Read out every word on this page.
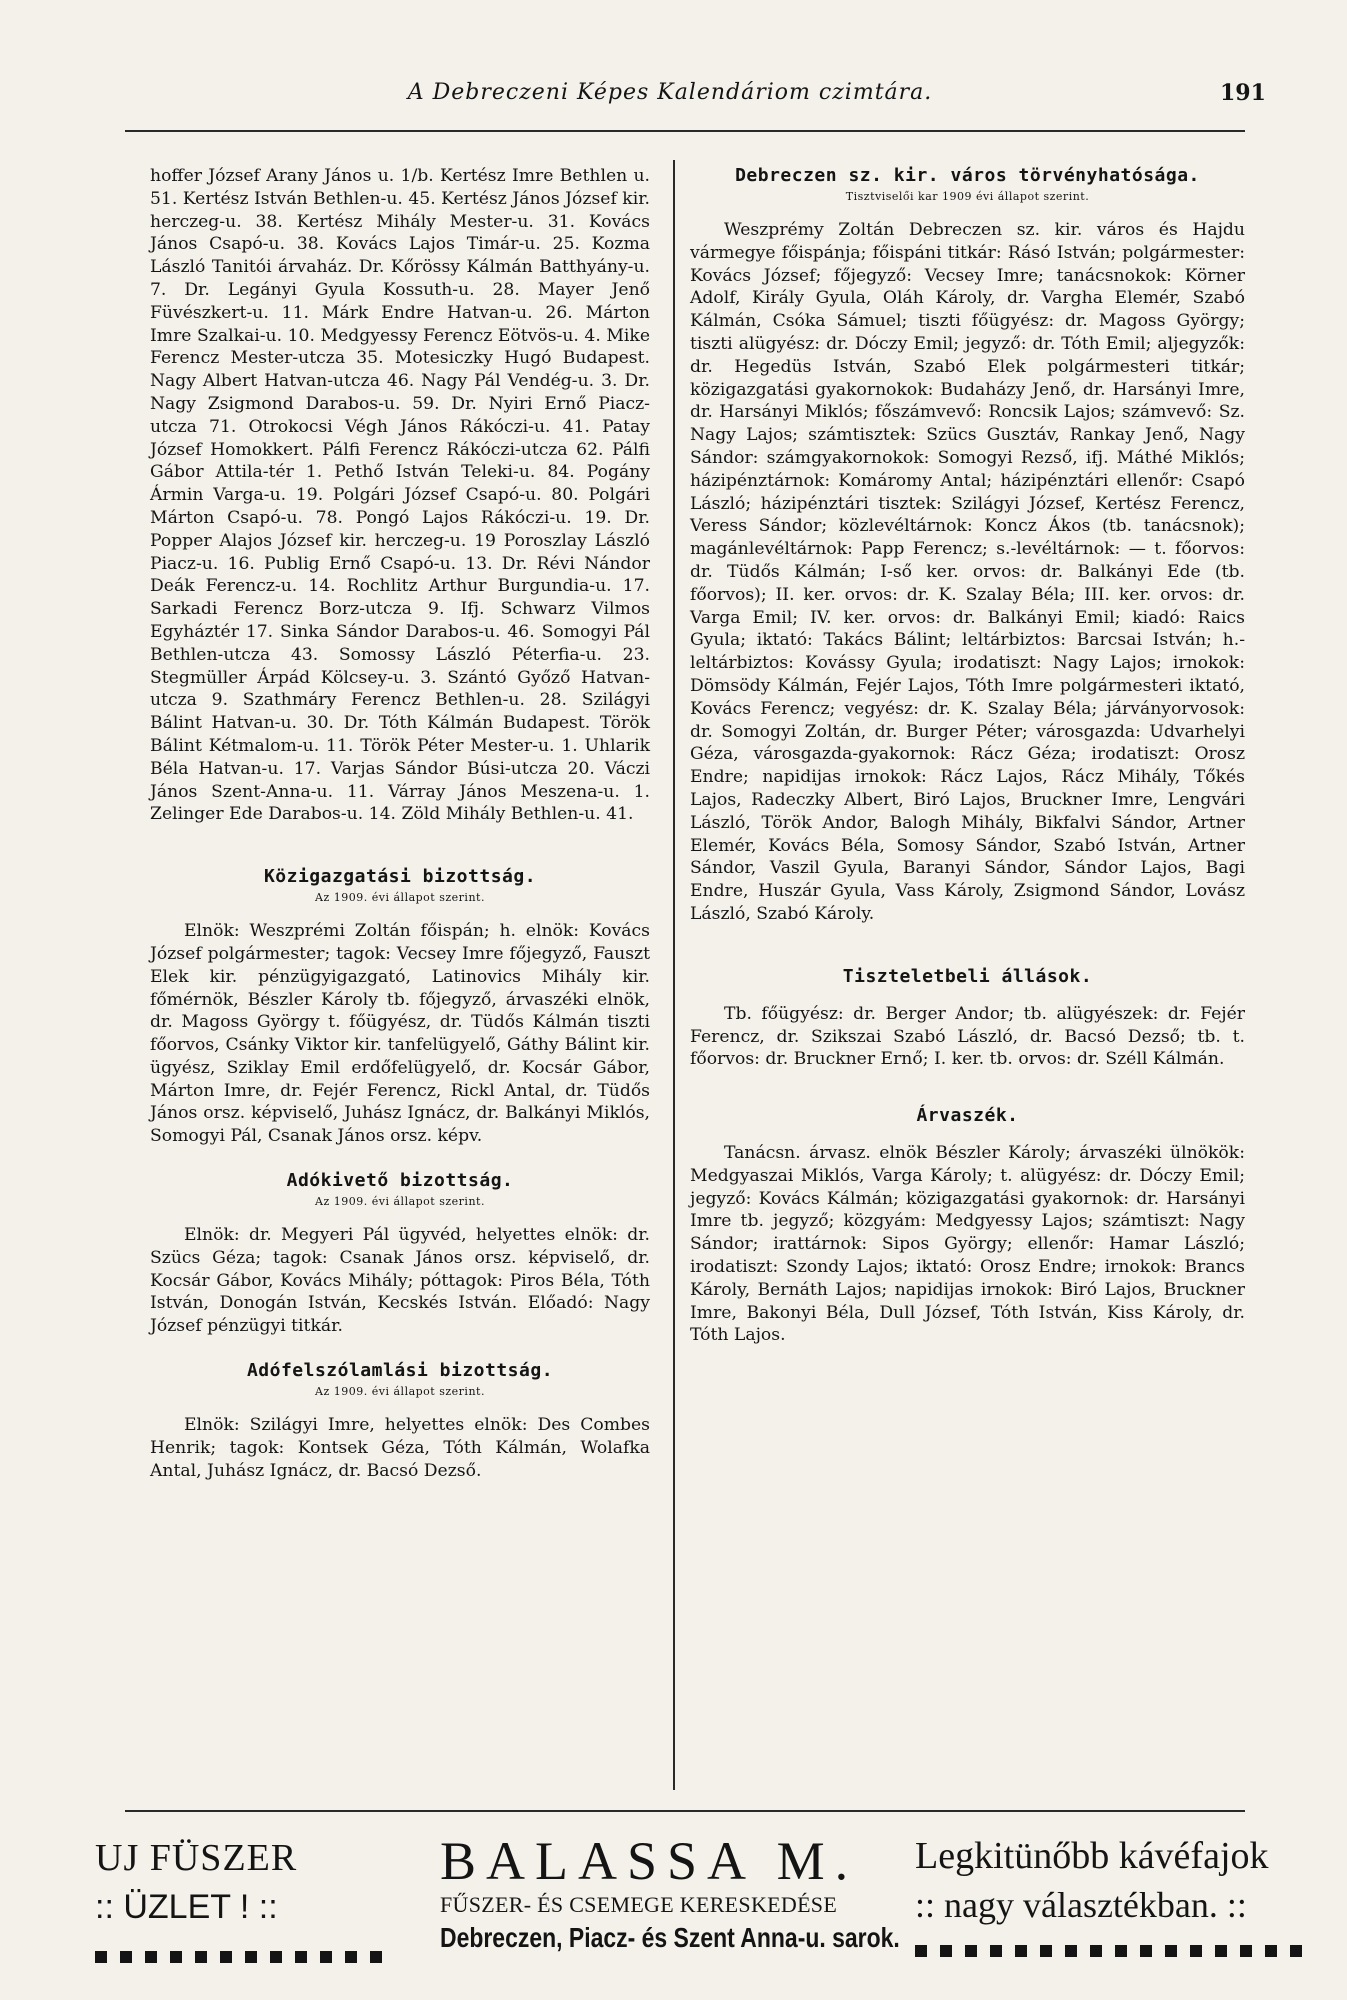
A Debreczeni Képes Kalendáriom czimtára.	191

hoffer József Arany János u. 1/b. Kertész Imre Bethlen u. 51. Kertész István Bethlen-u. 45. Kertész János József kir. herczeg-u. 38. Kertész Mihály Mester-u. 31. Kovács János Csapó-u. 38. Kovács Lajos Timár-u. 25. Kozma László Tanitói árvaház. Dr. Kőrössy Kálmán Batthyány-u. 7. Dr. Legányi Gyula Kossuth-u. 28. Mayer Jenő Füvészkert-u. 11. Márk Endre Hatvan-u. 26. Márton Imre Szalkai-u. 10. Medgyessy Ferencz Eötvös-u. 4. Mike Ferencz Mester-utcza 35. Motesiczky Hugó Budapest. Nagy Albert Hatvan-utcza 46. Nagy Pál Vendég-u. 3. Dr. Nagy Zsigmond Darabos-u. 59. Dr. Nyiri Ernő Piacz-utcza 71. Otrokocsi Végh János Rákóczi-u. 41. Patay József Homokkert. Pálfi Ferencz Rákóczi-utcza 62. Pálfi Gábor Attila-tér 1. Pethő István Teleki-u. 84. Pogány Ármin Varga-u. 19. Polgári József Csapó-u. 80. Polgári Márton Csapó-u. 78. Pongó Lajos Rákóczi-u. 19. Dr. Popper Alajos József kir. herczeg-u. 19 Poroszlay László Piacz-u. 16. Publig Ernő Csapó-u. 13. Dr. Révi Nándor Deák Ferencz-u. 14. Rochlitz Arthur Burgundia-u. 17. Sarkadi Ferencz Borz-utcza 9. Ifj. Schwarz Vilmos Egyháztér 17. Sinka Sándor Darabos-u. 46. Somogyi Pál Bethlen-utcza 43. Somossy László Péterfia-u. 23. Stegmüller Árpád Kölcsey-u. 3. Szántó Győző Hatvan-utcza 9. Szathmáry Ferencz Bethlen-u. 28. Szilágyi Bálint Hatvan-u. 30. Dr. Tóth Kálmán Budapest. Török Bálint Kétmalom-u. 11. Török Péter Mester-u. 1. Uhlarik Béla Hatvan-u. 17. Varjas Sándor Búsi-utcza 20. Váczi János Szent-Anna-u. 11. Várray János Meszena-u. 1. Zelinger Ede Darabos-u. 14. Zöld Mihály Bethlen-u. 41.

Közigazgatási bizottság.
Az 1909. évi állapot szerint.

Elnök: Weszprémi Zoltán főispán; h. elnök: Kovács József polgármester; tagok: Vecsey Imre főjegyző, Fauszt Elek kir. pénzügyigazgató, Latinovics Mihály kir. főmérnök, Bészler Károly tb. főjegyző, árvaszéki elnök, dr. Magoss György t. főügyész, dr. Tüdős Kálmán tiszti főorvos, Csánky Viktor kir. tanfelügyelő, Gáthy Bálint kir. ügyész, Sziklay Emil erdőfelügyelő, dr. Kocsár Gábor, Márton Imre, dr. Fejér Ferencz, Rickl Antal, dr. Tüdős János orsz. képviselő, Juhász Ignácz, dr. Balkányi Miklós, Somogyi Pál, Csanak János orsz. képv.

Adókivető bizottság.
Az 1909. évi állapot szerint.

Elnök: dr. Megyeri Pál ügyvéd, helyettes elnök: dr. Szücs Géza; tagok: Csanak János orsz. képviselő, dr. Kocsár Gábor, Kovács Mihály; póttagok: Piros Béla, Tóth István, Donogán István, Kecskés István. Előadó: Nagy József pénzügyi titkár.

Adófelszólamlási bizottság.
Az 1909. évi állapot szerint.

Elnök: Szilágyi Imre, helyettes elnök: Des Combes Henrik; tagok: Kontsek Géza, Tóth Kálmán, Wolafka Antal, Juhász Ignácz, dr. Bacsó Dezső.

Debreczen sz. kir. város törvényhatósága.
Tisztviselői kar 1909 évi állapot szerint.

Weszprémy Zoltán Debreczen sz. kir. város és Hajdu vármegye főispánja; főispáni titkár: Rásó István; polgármester: Kovács József; főjegyző: Vecsey Imre; tanácsnokok: Körner Adolf, Király Gyula, Oláh Károly, dr. Vargha Elemér, Szabó Kálmán, Csóka Sámuel; tiszti főügyész: dr. Magoss György; tiszti alügyész: dr. Dóczy Emil; jegyző: dr. Tóth Emil; aljegyzők: dr. Hegedüs István, Szabó Elek polgármesteri titkár; közigazgatási gyakornokok: Budaházy Jenő, dr. Harsányi Imre, dr. Harsányi Miklós; főszámvevő: Roncsik Lajos; számvevő: Sz. Nagy Lajos; számtisztek: Szücs Gusztáv, Rankay Jenő, Nagy Sándor: számgyakornokok: Somogyi Rezső, ifj. Máthé Miklós; házipénztárnok: Komáromy Antal; házipénztári ellenőr: Csapó László; házipénztári tisztek: Szilágyi József, Kertész Ferencz, Veress Sándor; közlevéltárnok: Koncz Ákos (tb. tanácsnok); magánlevéltárnok: Papp Ferencz; s.-levéltárnok: — t. főorvos: dr. Tüdős Kálmán; I-ső ker. orvos: dr. Balkányi Ede (tb. főorvos); II. ker. orvos: dr. K. Szalay Béla; III. ker. orvos: dr. Varga Emil; IV. ker. orvos: dr. Balkányi Emil; kiadó: Raics Gyula; iktató: Takács Bálint; leltárbiztos: Barcsai István; h.-leltárbiztos: Kovássy Gyula; irodatiszt: Nagy Lajos; irnokok: Dömsödy Kálmán, Fejér Lajos, Tóth Imre polgármesteri iktató, Kovács Ferencz; vegyész: dr. K. Szalay Béla; járványorvosok: dr. Somogyi Zoltán, dr. Burger Péter; városgazda: Udvarhelyi Géza, városgazda-gyakornok: Rácz Géza; irodatiszt: Orosz Endre; napidijas irnokok: Rácz Lajos, Rácz Mihály, Tőkés Lajos, Radeczky Albert, Biró Lajos, Bruckner Imre, Lengvári László, Török Andor, Balogh Mihály, Bikfalvi Sándor, Artner Elemér, Kovács Béla, Somosy Sándor, Szabó István, Artner Sándor, Vaszil Gyula, Baranyi Sándor, Sándor Lajos, Bagi Endre, Huszár Gyula, Vass Károly, Zsigmond Sándor, Lovász László, Szabó Károly.

Tiszteletbeli állások.

Tb. főügyész: dr. Berger Andor; tb. alügyészek: dr. Fejér Ferencz, dr. Szikszai Szabó László, dr. Bacsó Dezső; tb. t. főorvos: dr. Bruckner Ernő; I. ker. tb. orvos: dr. Széll Kálmán.

Árvaszék.

Tanácsn. árvasz. elnök Bészler Károly; árvaszéki ülnökök: Medgyaszai Miklós, Varga Károly; t. alügyész: dr. Dóczy Emil; jegyző: Kovács Kálmán; közigazgatási gyakornok: dr. Harsányi Imre tb. jegyző; közgyám: Medgyessy Lajos; számtiszt: Nagy Sándor; irattárnok: Sipos György; ellenőr: Hamar László; irodatiszt: Szondy Lajos; iktató: Orosz Endre; irnokok: Brancs Károly, Bernáth Lajos; napidijas irnokok: Biró Lajos, Bruckner Imre, Bakonyi Béla, Dull József, Tóth István, Kiss Károly, dr. Tóth Lajos.

UJ FÜSZER
:: ÜZLET ! ::
BALASSA M.
FŰSZER- ÉS CSEMEGE KERESKEDÉSE
Debreczen, Piacz- és Szent Anna-u. sarok.
Legkitünőbb kávéfajok
:: nagy választékban. ::
